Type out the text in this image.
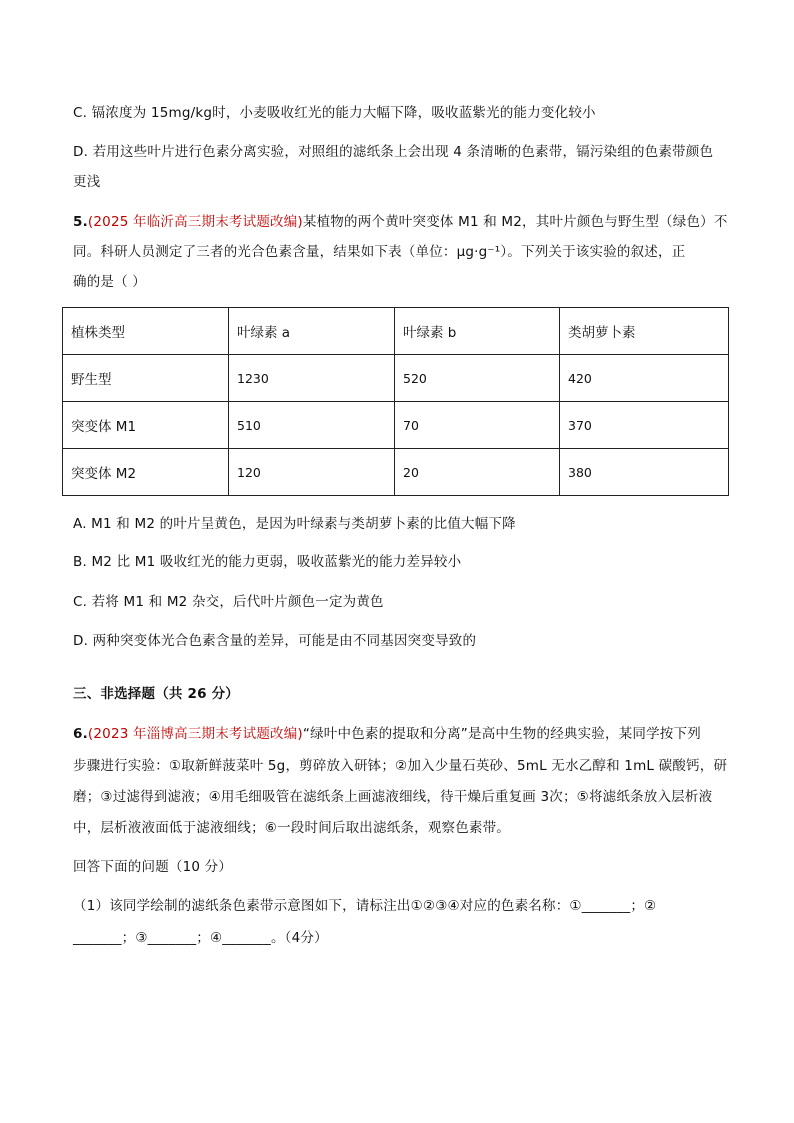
C. 镉浓度为 15mg/kg时，小麦吸收红光的能力大幅下降，吸收蓝紫光的能力变化较小
D. 若用这些叶片进行色素分离实验，对照组的滤纸条上会出现 4 条清晰的色素带，镉污染组的色素带颜色
更浅
5.(2025 年临沂高三期末考试题改编)某植物的两个黄叶突变体 M1 和 M2，其叶片颜色与野生型（绿色）不
同。科研人员测定了三者的光合色素含量，结果如下表（单位：μg·g⁻¹）。下列关于该实验的叙述，正
确的是（ ）
植株类型	叶绿素 a	叶绿素 b	类胡萝卜素
野生型	1230	520	420
突变体 M1	510	70	370
突变体 M2	120	20	380
A. M1 和 M2 的叶片呈黄色，是因为叶绿素与类胡萝卜素的比值大幅下降
B. M2 比 M1 吸收红光的能力更弱，吸收蓝紫光的能力差异较小
C. 若将 M1 和 M2 杂交，后代叶片颜色一定为黄色
D. 两种突变体光合色素含量的差异，可能是由不同基因突变导致的
三、非选择题（共 26 分）
6.(2023 年淄博高三期末考试题改编)“绿叶中色素的提取和分离”是高中生物的经典实验，某同学按下列
步骤进行实验：①取新鲜菠菜叶 5g，剪碎放入研钵；②加入少量石英砂、5mL 无水乙醇和 1mL 碳酸钙，研
磨；③过滤得到滤液；④用毛细吸管在滤纸条上画滤液细线，待干燥后重复画 3次；⑤将滤纸条放入层析液
中，层析液液面低于滤液细线；⑥一段时间后取出滤纸条，观察色素带。
回答下面的问题（10 分）
（1）该同学绘制的滤纸条色素带示意图如下，请标注出①②③④对应的色素名称：①_______；②
_______；③_______；④_______。（4分）
